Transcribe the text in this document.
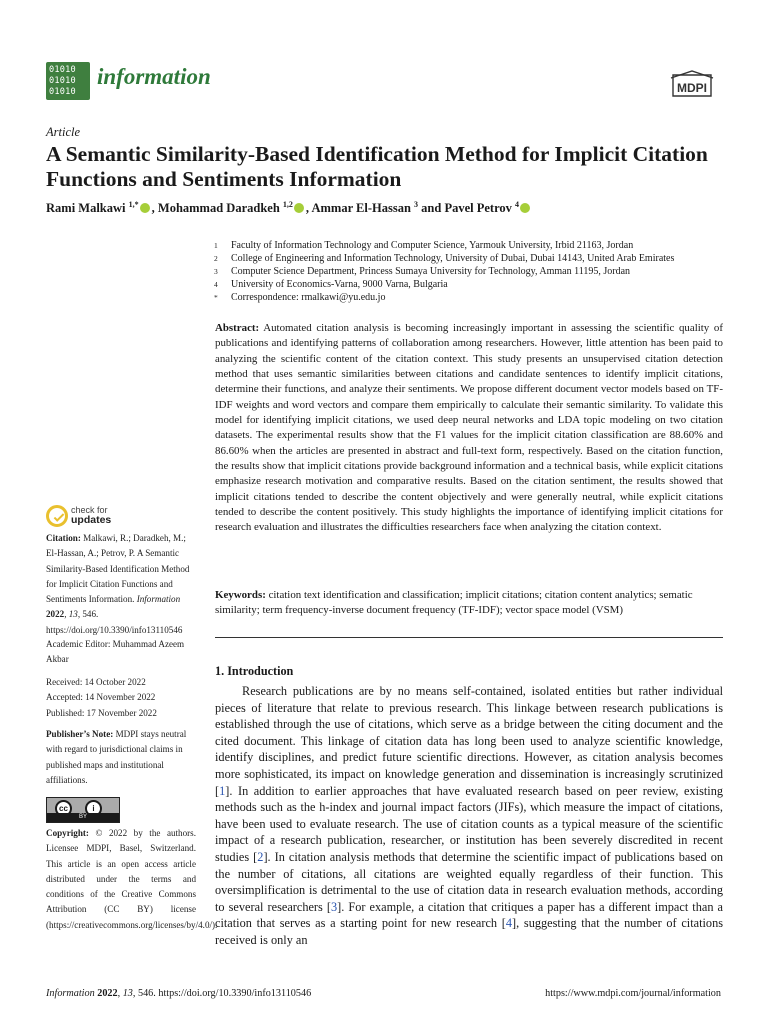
01010
01010
01010
information	MDPI
Article
A Semantic Similarity-Based Identification Method for Implicit Citation Functions and Sentiments Information
Rami Malkawi $^{1,*}$ , Mohammad Daradkeh $^{1,2}$ , Ammar El-Hassan $^3$ and Pavel Petrov $^4$
1	Faculty of Information Technology and Computer Science, Yarmouk University, Irbid 21163, Jordan
2	College of Engineering and Information Technology, University of Dubai, Dubai 14143, United Arab Emirates
3	Computer Science Department, Princess Sumaya University for Technology, Amman 11195, Jordan
4	University of Economics-Varna, 9000 Varna, Bulgaria
*	Correspondence: rmalkawi@yu.edu.jo
Abstract: Automated citation analysis is becoming increasingly important in assessing the scientific quality of publications and identifying patterns of collaboration among researchers. However, little attention has been paid to analyzing the scientific content of the citation context. This study presents an unsupervised citation detection method that uses semantic similarities between citations and candidate sentences to identify implicit citations, determine their functions, and analyze their sentiments. We propose different document vector models based on TF-IDF weights and word vectors and compare them empirically to calculate their semantic similarity. To validate this model for identifying implicit citations, we used deep neural networks and LDA topic modeling on two citation datasets. The experimental results show that the F1 values for the implicit citation classification are 88.60% and 86.60% when the articles are presented in abstract and full-text form, respectively. Based on the citation function, the results show that implicit citations provide background information and a technical basis, while explicit citations emphasize research motivation and comparative results. Based on the citation sentiment, the results showed that implicit citations tended to describe the content objectively and were generally neutral, while explicit citations tended to describe the content positively. This study highlights the importance of identifying implicit citations for research evaluation and illustrates the difficulties researchers face when analyzing the citation context.
Keywords: citation text identification and classification; implicit citations; citation content analytics; sematic similarity; term frequency-inverse document frequency (TF-IDF); vector space model (VSM)
1. Introduction
Research publications are by no means self-contained, isolated entities but rather individual pieces of literature that relate to previous research. This linkage between research publications is established through the use of citations, which serve as a bridge between the citing document and the cited document. This linkage of citation data has long been used to analyze scientific knowledge, identify disciplines, and predict future scientific directions. However, as citation analysis becomes more sophisticated, its impact on knowledge generation and dissemination is increasingly scrutinized [1]. In addition to earlier approaches that have evaluated research based on peer review, existing methods such as the h-index and journal impact factors (JIFs), which measure the impact of citations, have been used to evaluate research. The use of citation counts as a typical measure of the scientific impact of a research publication, researcher, or institution has been severely discredited in recent studies [2]. In citation analysis methods that determine the scientific impact of publications based on the number of citations, all citations are weighted equally regardless of their function. This oversimplification is detrimental to the use of citation data in research evaluation methods, according to several researchers [3]. For example, a citation that critiques a paper has a different impact than a citation that serves as a starting point for new research [4], suggesting that the number of citations received is only an
check for
updates
Citation: Malkawi, R.; Daradkeh, M.; El-Hassan, A.; Petrov, P. A Semantic Similarity-Based Identification Method for Implicit Citation Functions and Sentiments Information. Information 2022, 13, 546. https://doi.org/10.3390/info13110546
Academic Editor: Muhammad Azeem Akbar
Received: 14 October 2022
Accepted: 14 November 2022
Published: 17 November 2022
Publisher’s Note: MDPI stays neutral with regard to jurisdictional claims in published maps and institutional affiliations.
cc	i
BY
Copyright: © 2022 by the authors. Licensee MDPI, Basel, Switzerland. This article is an open access article distributed under the terms and conditions of the Creative Commons Attribution (CC BY) license (https://creativecommons.org/licenses/by/4.0/).
Information 2022, 13, 546. https://doi.org/10.3390/info13110546	https://www.mdpi.com/journal/information
